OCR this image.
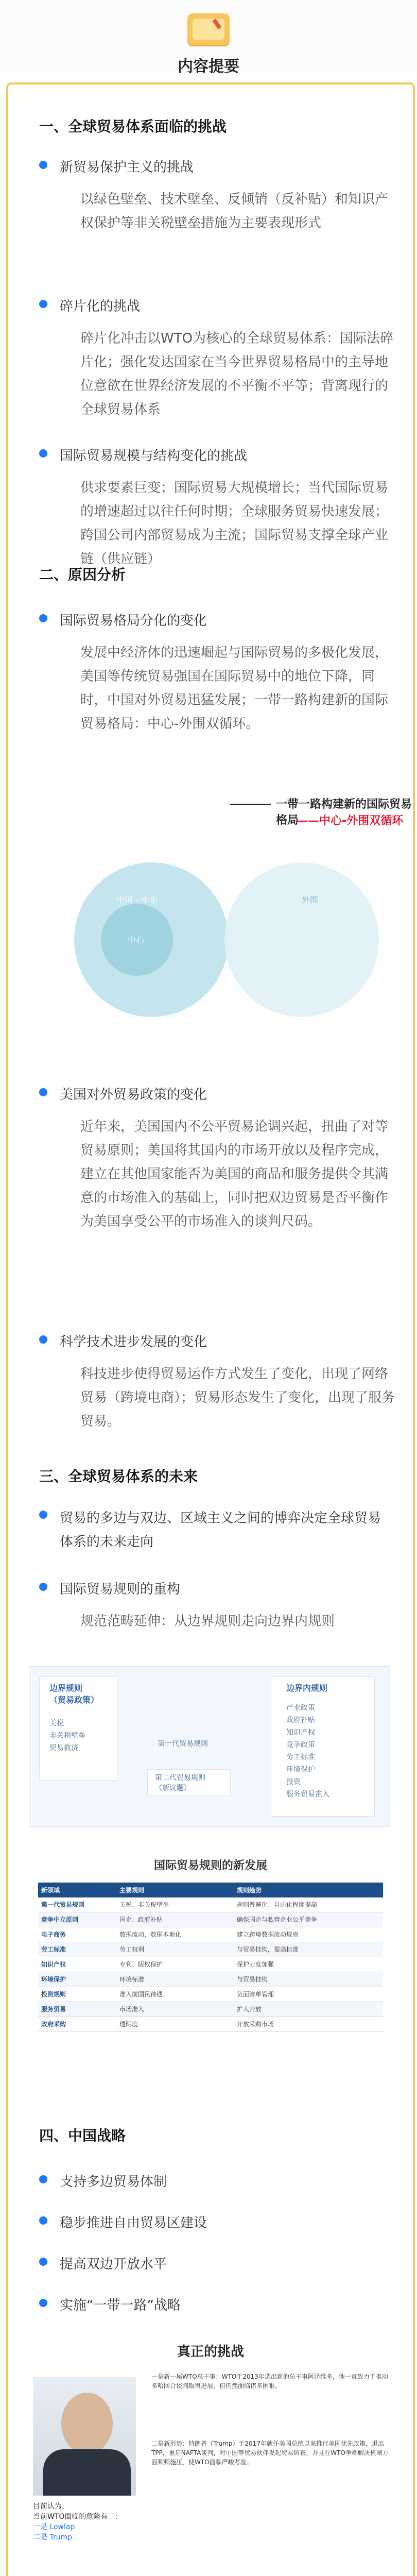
内容提要
一、全球贸易体系面临的挑战
新贸易保护主义的挑战
以绿色壁垒、技术壁垒、反倾销（反补贴）和知识产权保护等非关税壁垒措施为主要表现形式
碎片化的挑战
碎片化冲击以WTO为核心的全球贸易体系：国际法碎片化；强化发达国家在当今世界贸易格局中的主导地位意欲在世界经济发展的不平衡不平等；背离现行的全球贸易体系
国际贸易规模与结构变化的挑战
供求要素巨变；国际贸易大规模增长；当代国际贸易的增速超过以往任何时期；全球服务贸易快速发展；跨国公司内部贸易成为主流；国际贸易支撑全球产业链（供应链）
二、原因分析
国际贸易格局分化的变化
发展中经济体的迅速崛起与国际贸易的多极化发展，美国等传统贸易强国在国际贸易中的地位下降，同时，中国对外贸易迅猛发展；一带一路构建新的国际贸易格局：中心-外围双循环。
一带一路构建新的国际贸易格局
——中心-外围双循环
中国 - 中东
中心
外围
美国对外贸易政策的变化
近年来，美国国内不公平贸易论调兴起，扭曲了对等贸易原则；美国将其国内的市场开放以及程序完成，建立在其他国家能否为美国的商品和服务提供令其满意的市场准入的基础上，同时把双边贸易是否平衡作为美国享受公平的市场准入的谈判尺码。
科学技术进步发展的变化
科技进步使得贸易运作方式发生了变化，出现了网络贸易（跨境电商）；贸易形态发生了变化，出现了服务贸易。
三、全球贸易体系的未来
贸易的多边与双边、区域主义之间的博弈决定全球贸易体系的未来走向
国际贸易规则的重构
规范范畴延伸：从边界规则走向边界内规则
边界规则
（贸易政策）
关税
非关税壁垒
贸易救济
边界内规则
产业政策
政府补贴
知识产权
竞争政策
劳工标准
环境保护
投资
服务贸易准入
第一代贸易规则
第二代贸易规则
（新议题）
国际贸易规则的新发展
新领域	主要规则	规则趋势
第一代贸易规则	关税、非关税壁垒	规则普遍化、自由化程度提高
竞争中立原则	国企、政府补贴	确保国企与私营企业公平竞争
电子商务	数据流动、数据本地化	建立跨境数据流动规则
劳工标准	劳工权利	与贸易挂钩，提高标准
知识产权	专利、版权保护	保护力度加强
环境保护	环境标准	与贸易挂钩
投资规则	准入前国民待遇	负面清单管理
服务贸易	市场准入	扩大开放
政府采购	透明度	开放采购市场
四、中国战略
支持多边贸易体制
稳步推进自由贸易区建设
提高双边开放水平
实施“一带一路”战略
真正的挑战
一是新一届WTO总干事：WTO于2013年选出新的总干事阿泽维多，他一直致力于推动多哈回合谈判取得进展，但仍然面临诸多困难。
二是新形势：特朗普（Trump）于2017年就任美国总统以来推行美国优先政策，退出TPP，重启NAFTA谈判，对中国等贸易伙伴发起贸易调查，并且在WTO争端解决机制方面频频施压，使WTO面临严峻考验。
目前认为，
当前WTO面临的危险有二：
一是 Lowlap
二是 Trump
